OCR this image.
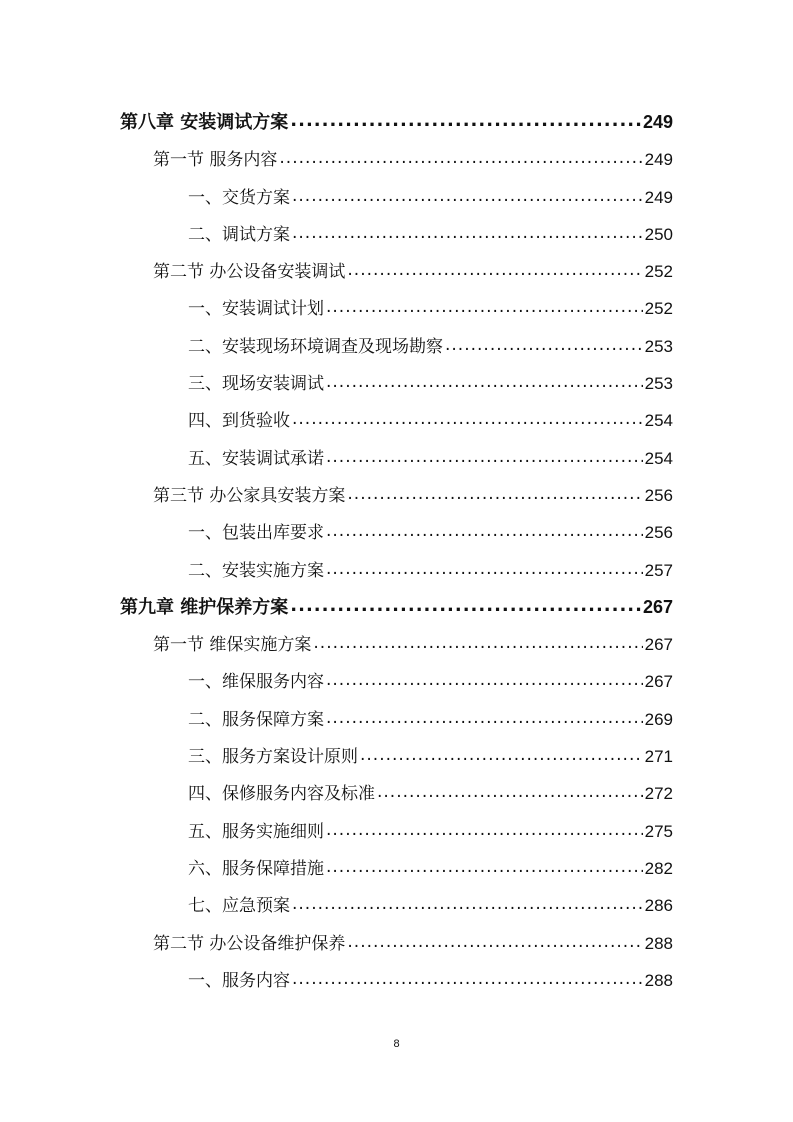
第八章 安装调试方案 .....	249
第一节 服务内容 .....	249
一、交货方案 .....	249
二、调试方案 .....	250
第二节 办公设备安装调试 .....	252
一、安装调试计划 .....	252
二、安装现场环境调查及现场勘察 .....	253
三、现场安装调试 .....	253
四、到货验收 .....	254
五、安装调试承诺 .....	254
第三节 办公家具安装方案 .....	256
一、包装出库要求 .....	256
二、安装实施方案 .....	257
第九章 维护保养方案 .....	267
第一节 维保实施方案 .....	267
一、维保服务内容 .....	267
二、服务保障方案 .....	269
三、服务方案设计原则 .....	271
四、保修服务内容及标准 .....	272
五、服务实施细则 .....	275
六、服务保障措施 .....	282
七、应急预案 .....	286
第二节 办公设备维护保养 .....	288
一、服务内容 .....	288
8
